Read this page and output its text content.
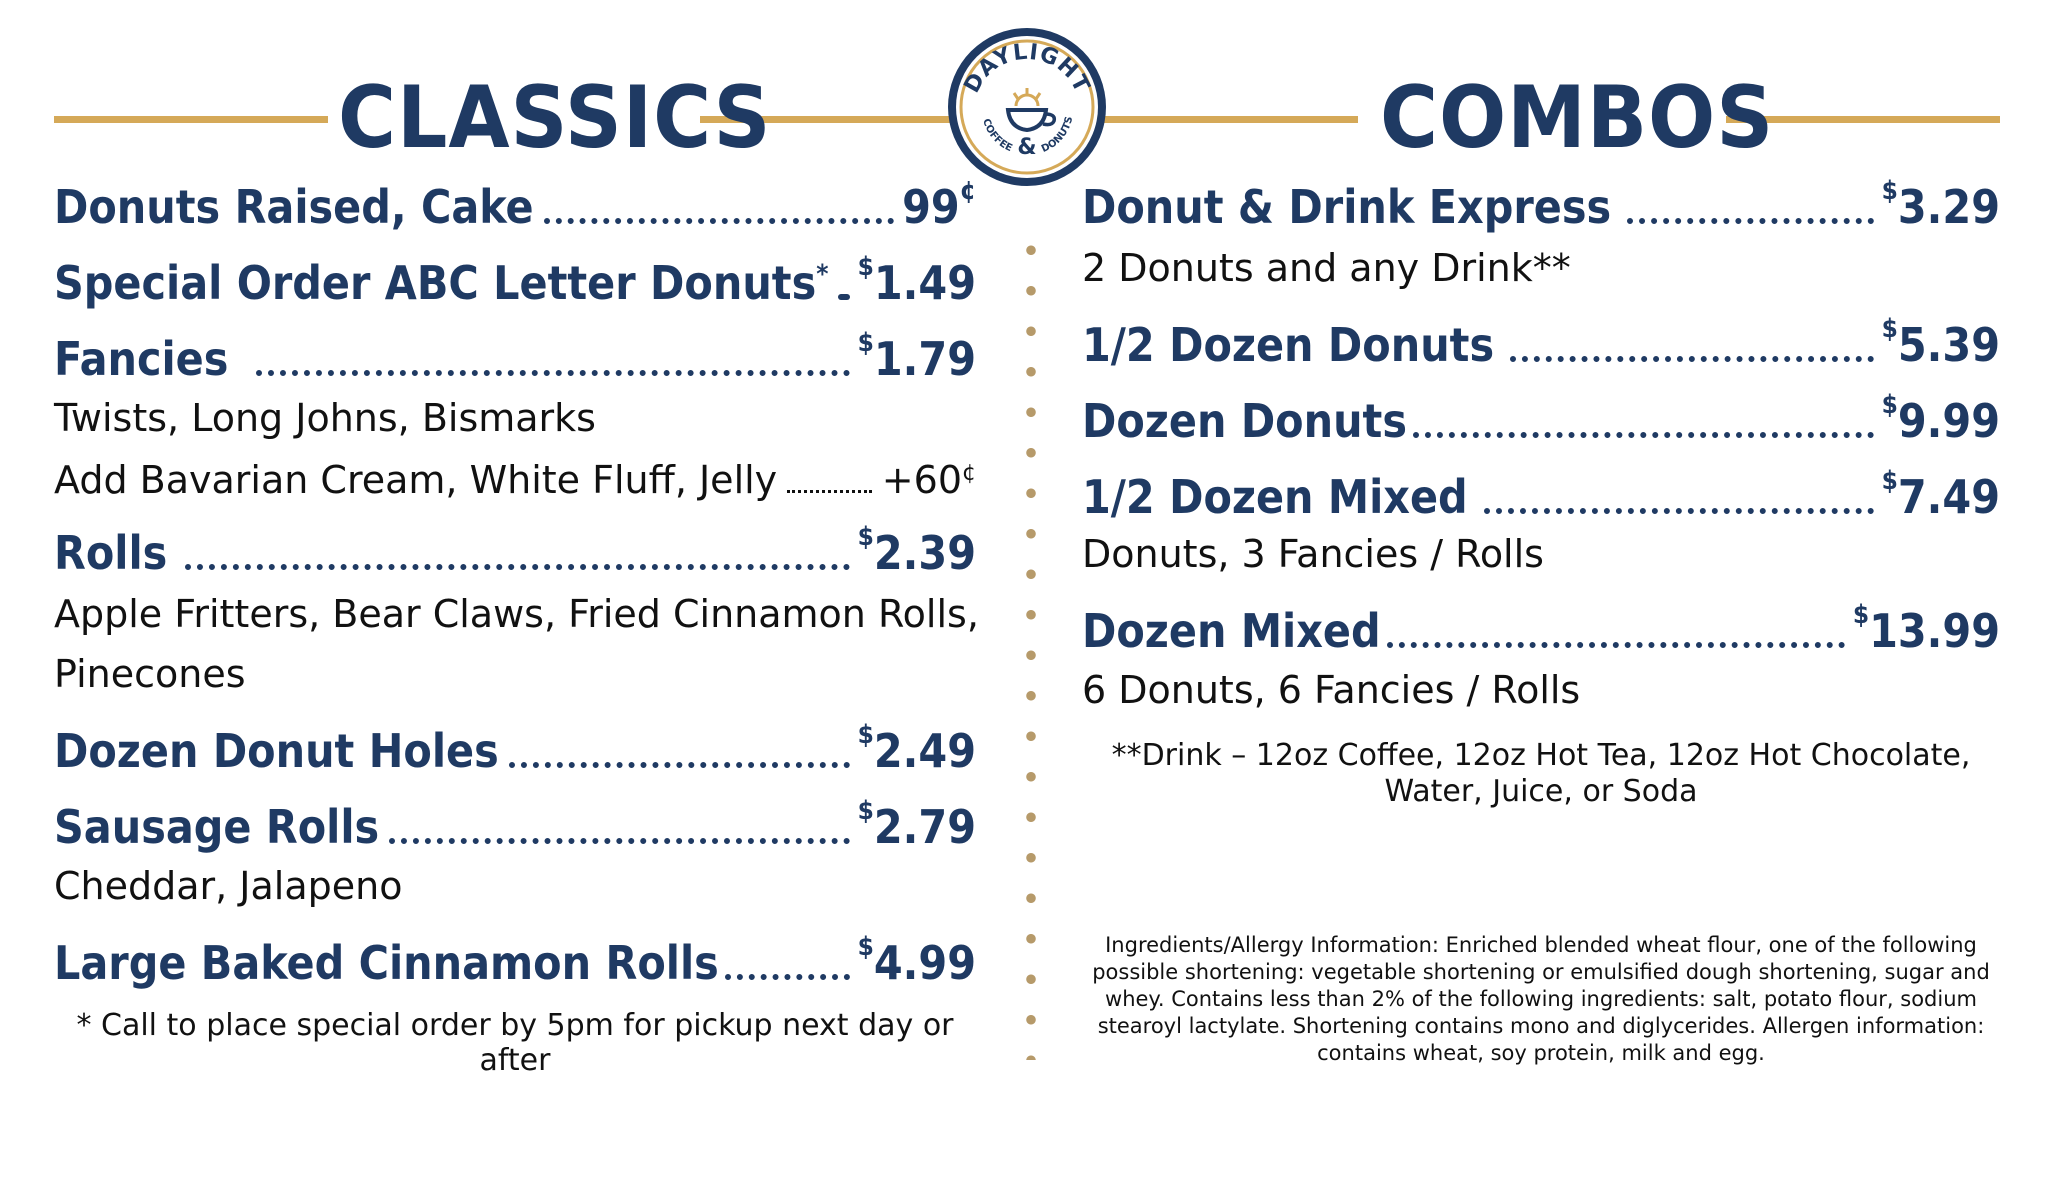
CLASSICS	COMBOS
DAYLIGHT
COFFEE	DONUTS
&
Donuts Raised, Cake	99¢
Special Order ABC Letter Donuts* $1.49
Fancies	$1.79
Twists, Long Johns, Bismarks
Add Bavarian Cream, White Fluff, Jelly	+60¢
Rolls	$2.39
Apple Fritters, Bear Claws, Fried Cinnamon Rolls,
Pinecones
Dozen Donut Holes	$2.49
Sausage Rolls	$2.79
Cheddar, Jalapeno
Large Baked Cinnamon Rolls	$4.99
* Call to place special order by 5pm for pickup next day or after
Donut & Drink Express	$3.29
2 Donuts and any Drink**
1/2 Dozen Donuts	$5.39
Dozen Donuts	$9.99
1/2 Dozen Mixed	$7.49
Donuts, 3 Fancies / Rolls
Dozen Mixed	$13.99
6 Donuts, 6 Fancies / Rolls
**Drink – 12oz Coffee, 12oz Hot Tea, 12oz Hot Chocolate,
Water, Juice, or Soda
Ingredients/Allergy Information: Enriched blended wheat flour, one of the following
possible shortening: vegetable shortening or emulsified dough shortening, sugar and
whey. Contains less than 2% of the following ingredients: salt, potato flour, sodium
stearoyl lactylate. Shortening contains mono and diglycerides. Allergen information:
contains wheat, soy protein, milk and egg.
